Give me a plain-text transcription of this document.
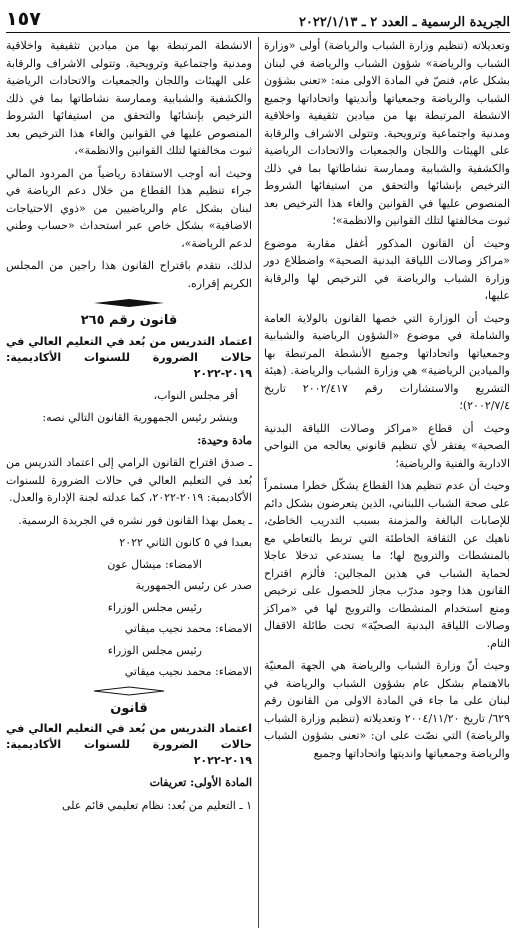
الجريدة الرسمية ـ العدد ٢ ـ ٢٠٢٢/١/١٣
١٥٧

وتعديلاته (تنظيم وزارة الشباب والرياضة) أولى «وزارة الشباب والرياضة» شؤون الشباب والرياضة في لبنان بشكل عام، فنصّ في المادة الاولى منه: «تعنى بشؤون الشباب والرياضة وجمعياتها وأنديتها واتحاداتها وجميع الانشطة المرتبطة بها من ميادين تثقيفية واخلاقية ومدنية واجتماعية وترويحية. وتتولى الاشراف والرقابة على الهيئات واللجان والجمعيات والاتحادات الرياضية والكشفية والشبابية وممارسة نشاطاتها بما في ذلك الترخيص بإنشائها والتحقق من استيفائها الشروط المنصوص عليها في القوانين والغاء هذا الترخيص بعد ثبوت مخالفتها لتلك القوانين والانظمة»؛

وحيث أن القانون المذكور أغفل مقاربة موضوع «مراكز وصالات اللياقة البدنية الصحية» واضطلاع دور وزارة الشباب والرياضة في الترخيص لها والرقابة عليها،

وحيث أن الوزارة التي خصها القانون بالولاية العامة والشاملة في موضوع «الشؤون الرياضية والشبابية وجمعياتها واتحاداتها وجميع الأنشطة المرتبطة بها والميادين الرياضية» هي وزارة الشباب والرياضة. (هيئة التشريع والاستشارات رقم ٢٠٠٢/٤١٧ تاريخ ٢٠٠٢/٧/٤)؛

وحيث أن قطاع «مراكز وصالات اللياقة البدنية الصحية» يفتقر لأي تنظيم قانوني يعالجه من النواحي الادارية والفنية والرياضية؛

وحيث أن عدم تنظيم هذا القطاع يشكّل خطرا مستمراً على صحة الشباب اللبناني، الذين يتعرضون بشكل دائم للإصابات البالغة والمزمنة بسبب التدريب الخاطئ، ناهيك عن الثقافة الخاطئة التي تربط بالتعاطي مع بالمنشطات والترويج لها؛ ما يستدعي تدخلا عاجلا لحماية الشباب في هذين المجالين: فألزم اقتراح القانون هذا وجود مدرّب مجاز للحصول على ترخيص ومنع استخدام المنشطات والترويج لها في «مراكز وصالات اللياقة البدنية الصحيّة» تحت طائلة الاقفال التام.

وحيث أنّ وزارة الشباب والرياضة هي الجهة المعنيّة بالاهتمام بشكل عام بشؤون الشباب والرياضة في لبنان على ما جاء في المادة الاولى من القانون رقم ٦٢٩/ تاريخ ٢٠٠٤/١١/٢٠ وتعديلاته (تنظيم وزارة الشباب والرياضة) التي نصّت على ان: «تعنى بشؤون الشباب والرياضة وجمعياتها وانديتها واتحاداتها وجميع

الانشطة المرتبطة بها من ميادين تثقيفية واخلاقية ومدنية واجتماعية وترويحية. وتتولى الاشراف والرقابة على الهيئات واللجان والجمعيات والاتحادات الرياضية والكشفية والشبابية وممارسة نشاطاتها بما في ذلك الترخيص بإنشائها والتحقق من استيفائها الشروط المنصوص عليها في القوانين والغاء هذا الترخيص بعد ثبوت مخالفتها لتلك القوانين والانظمة»،

وحيث أنه أوجب الاستفادة رياضياً من المردود المالي جراء تنظيم هذا القطاع من خلال دعم الرياضة في لبنان بشكل عام والرياضيين من «ذوي الاحتياجات الاضافية» بشكل خاص عبر استحداث «حساب وطني لدعم الرياضة»،

لذلك، نتقدم باقتراح القانون هذا راجين من المجلس الكريم إقراره.

قانون رقم ٢٦٥
اعتماد التدريس من بُعد في التعليم العالي في حالات الضرورة للسنوات الأكاديمية: ٢٠١٩-٢٠٢٢

أقر مجلس النواب،

وينشر رئيس الجمهورية القانون التالي نصه:

مادة وحيدة:

ـ صدق اقتراح القانون الرامي إلى اعتماد التدريس من بُعد في التعليم العالي في حالات الضرورة للسنوات الأكاديمية: ٢٠١٩-٢٠٢٢، كما عدلته لجنة الإدارة والعدل.

ـ يعمل بهذا القانون فور نشره في الجريدة الرسمية.

بعبدا في ٥ كانون الثاني ٢٠٢٢

الامضاء: ميشال عون

صدر عن رئيس الجمهورية

رئيس مجلس الوزراء

الامضاء: محمد نجيب ميقاتي

رئيس مجلس الوزراء

الامضاء: محمد نجيب ميقاتي

قانون
اعتماد التدريس من بُعد في التعليم العالي في حالات الضرورة للسنوات الأكاديمية: ٢٠١٩-٢٠٢٢

المادة الأولى: تعريفات

١ ـ التعليم من بُعد: نظام تعليمي قائم على
